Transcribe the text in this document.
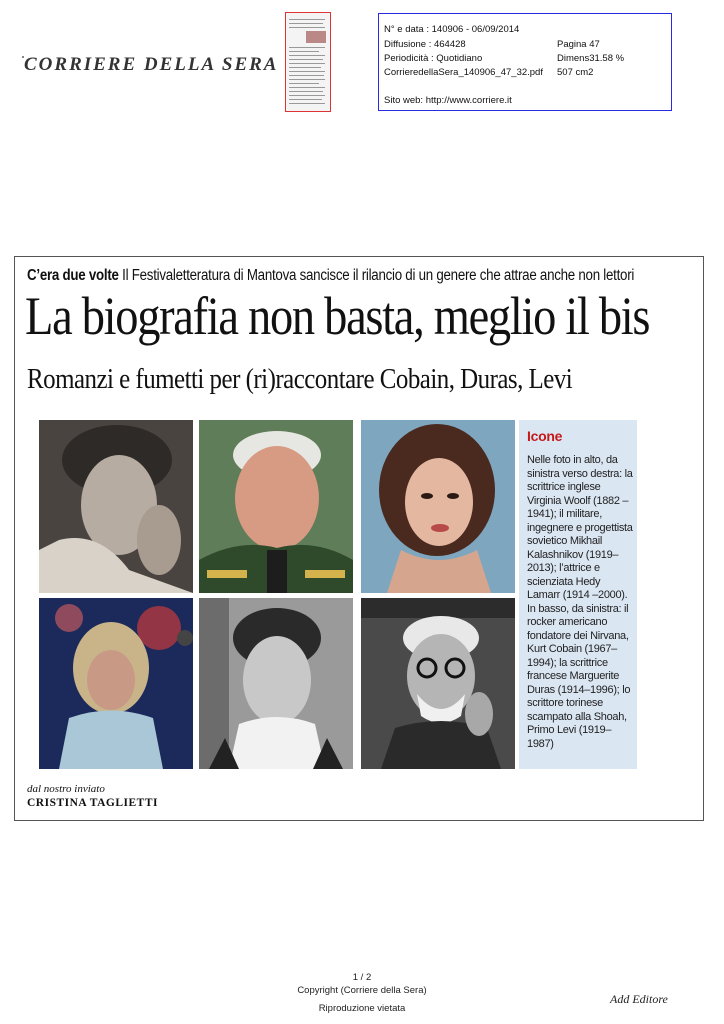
CORRIERE DELLA SERA
N° e data : 140906 - 06/09/2014
Diffusione : 464428	Pagina 47
Periodicità : Quotidiano	Dimens31.58 %
CorrieredellaSera_140906_47_32.pdf 507 cm2
Sito web: http://www.corriere.it
C’era due volte Il Festivaletteratura di Mantova sancisce il rilancio di un genere che attrae anche non lettori
La biografia non basta, meglio il bis
Romanzi e fumetti per (ri)raccontare Cobain, Duras, Levi
Icone
Nelle foto in alto, da sinistra verso destra: la scrittrice inglese Virginia Woolf (1882 –1941); il militare, ingegnere e progettista sovietico Mikhail Kalashnikov (1919–2013); l’attrice e scienziata Hedy Lamarr (1914 –2000). In basso, da sinistra: il rocker americano fondatore dei Nirvana, Kurt Cobain (1967–1994); la scrittrice francese Marguerite Duras (1914–1996); lo scrittore torinese scampato alla Shoah, Primo Levi (1919–1987)
dal nostro inviato
CRISTINA TAGLIETTI
1 / 2
Copyright (Corriere della Sera)
Riproduzione vietata
Add Editore
